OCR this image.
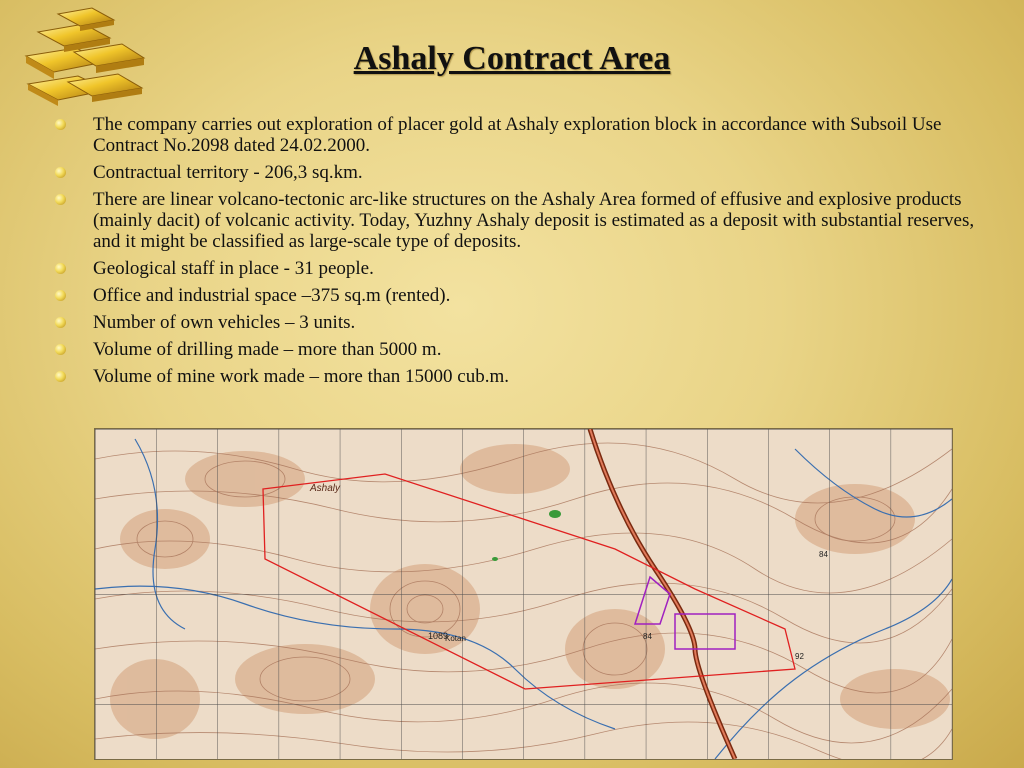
Ashaly Contract Area
The company carries out exploration of placer gold at Ashaly exploration block in accordance with Subsoil Use Contract No.2098 dated 24.02.2000.
Contractual territory - 206,3 sq.km.
There are linear volcano-tectonic arc-like structures on the Ashaly Area formed of effusive and explosive products (mainly dacit) of volcanic activity. Today, Yuzhny Ashaly deposit is estimated as a deposit with substantial reserves, and it might be classified as large-scale type of deposits.
Geological staff in place - 31 people.
Office and industrial space –375 sq.m (rented).
Number of own vehicles – 3 units.
Volume of drilling made – more than 5000 m.
Volume of mine work made – more than 15000 cub.m.
1089
84
84
92
Ashaly
Kotan
